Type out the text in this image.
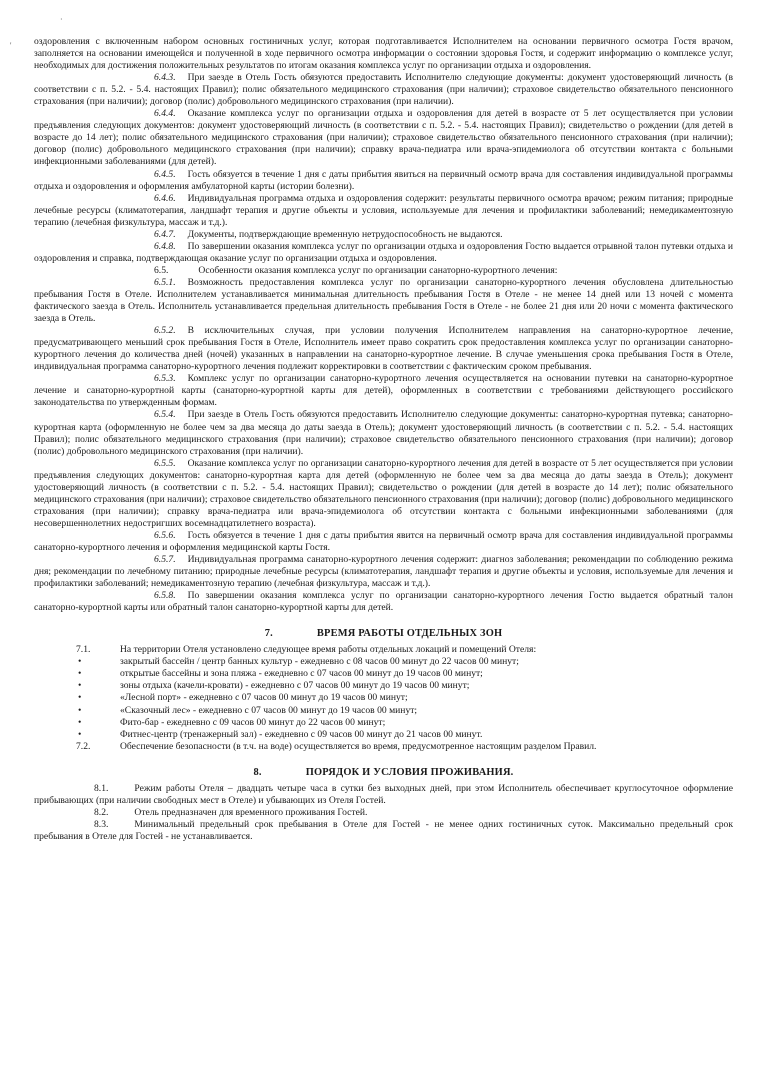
'
·

оздоровления с включенным набором основных гостиничных услуг, которая подготавливается Исполнителем на основании первичного осмотра Гостя врачом, заполняется на основании имеющейся и полученной в ходе первичного осмотра информации о состоянии здоровья Гостя, и содержит информацию о комплексе услуг, необходимых для достижения положительных результатов по итогам оказания комплекса услуг по организации отдыха и оздоровления.

6.4.3. При заезде в Отель Гость обязуются предоставить Исполнителю следующие документы: документ удостоверяющий личность (в соответствии с п. 5.2. - 5.4. настоящих Правил); полис обязательного медицинского страхования (при наличии); страховое свидетельство обязательного пенсионного страхования (при наличии); договор (полис) добровольного медицинского страхования (при наличии).

6.4.4. Оказание комплекса услуг по организации отдыха и оздоровления для детей в возрасте от 5 лет осуществляется при условии предъявления следующих документов: документ удостоверяющий личность (в соответствии с п. 5.2. - 5.4. настоящих Правил); свидетельство о рождении (для детей в возрасте до 14 лет); полис обязательного медицинского страхования (при наличии); страховое свидетельство обязательного пенсионного страхования (при наличии); договор (полис) добровольного медицинского страхования (при наличии); справку врача-педиатра или врача-эпидемиолога об отсутствии контакта с больными инфекционными заболеваниями (для детей).

6.4.5. Гость обязуется в течение 1 дня с даты прибытия явиться на первичный осмотр врача для составления индивидуальной программы отдыха и оздоровления и оформления амбулаторной карты (истории болезни).

6.4.6. Индивидуальная программа отдыха и оздоровления содержит: результаты первичного осмотра врачом; режим питания; природные лечебные ресурсы (климатотерапия, ландшафт терапия и другие объекты и условия, используемые для лечения и профилактики заболеваний; немедикаментозную терапию (лечебная физкультура, массаж и т.д.).

6.4.7. Документы, подтверждающие временную нетрудоспособность не выдаются.

6.4.8. По завершении оказания комплекса услуг по организации отдыха и оздоровления Гостю выдается отрывной талон путевки отдыха и оздоровления и справка, подтверждающая оказание услуг по организации отдыха и оздоровления.

6.5.	Особенности оказания комплекса услуг по организации санаторно-курортного лечения:

6.5.1. Возможность предоставления комплекса услуг по организации санаторно-курортного лечения обусловлена длительностью пребывания Гостя в Отеле. Исполнителем устанавливается минимальная длительность пребывания Гостя в Отеле - не менее 14 дней или 13 ночей с момента фактического заезда в Отель. Исполнитель устанавливается предельная длительность пребывания Гостя в Отеле - не более 21 дня или 20 ночи с момента фактического заезда в Отель.

6.5.2. В исключительных случая, при условии получения Исполнителем направления на санаторно-курортное лечение, предусматривающего меньший срок пребывания Гостя в Отеле, Исполнитель имеет право сократить срок предоставления комплекса услуг по организации санаторно-курортного лечения до количества дней (ночей) указанных в направлении на санаторно-курортное лечение. В случае уменьшения срока пребывания Гостя в Отеле, индивидуальная программа санаторно-курортного лечения подлежит корректировки в соответствии с фактическим сроком пребывания.

6.5.3. Комплекс услуг по организации санаторно-курортного лечения осуществляется на основании путевки на санаторно-курортное лечение и санаторно-курортной карты (санаторно-курортной карты для детей), оформленных в соответствии с требованиями действующего российского законодательства по утвержденным формам.

6.5.4. При заезде в Отель Гость обязуются предоставить Исполнителю следующие документы: санаторно-курортная путевка; санаторно-курортная карта (оформленную не более чем за два месяца до даты заезда в Отель); документ удостоверяющий личность (в соответствии с п. 5.2. - 5.4. настоящих Правил); полис обязательного медицинского страхования (при наличии); страховое свидетельство обязательного пенсионного страхования (при наличии); договор (полис) добровольного медицинского страхования (при наличии).

6.5.5. Оказание комплекса услуг по организации санаторно-курортного лечения для детей в возрасте от 5 лет осуществляется при условии предъявления следующих документов: санаторно-курортная карта для детей (оформленную не более чем за два месяца до даты заезда в Отель); документ удостоверяющий личность (в соответствии с п. 5.2. - 5.4. настоящих Правил); свидетельство о рождении (для детей в возрасте до 14 лет); полис обязательного медицинского страхования (при наличии); страховое свидетельство обязательного пенсионного страхования (при наличии); договор (полис) добровольного медицинского страхования (при наличии); справку врача-педиатра или врача-эпидемиолога об отсутствии контакта с больными инфекционными заболеваниями (для несовершеннолетних недостригших восемнадцатилетнего возраста).

6.5.6. Гость обязуется в течение 1 дня с даты прибытия явится на первичный осмотр врача для составления индивидуальной программы санаторно-курортного лечения и оформления медицинской карты Гостя.

6.5.7. Индивидуальная программа санаторно-курортного лечения содержит: диагноз заболевания; рекомендации по соблюдению режима дня; рекомендации по лечебному питанию; природные лечебные ресурсы (климатотерапия, ландшафт терапия и другие объекты и условия, используемые для лечения и профилактики заболеваний; немедикаментозную терапию (лечебная физкультура, массаж и т.д.).

6.5.8. По завершении оказания комплекса услуг по организации санаторно-курортного лечения Гостю выдается обратный талон санаторно-курортной карты или обратный талон санаторно-курортной карты для детей.

7.	ВРЕМЯ РАБОТЫ ОТДЕЛЬНЫХ ЗОН
7.1.	На территории Отеля установлено следующее время работы отдельных локаций и помещений Отеля:
•	закрытый бассейн / центр банных культур - ежедневно с 08 часов 00 минут до 22 часов 00 минут;
•	открытые бассейны и зона пляжа - ежедневно с 07 часов 00 минут до 19 часов 00 минут;
•	зоны отдыха (качели-кровати) - ежедневно с 07 часов 00 минут до 19 часов 00 минут;
•	«Лесной порт» - ежедневно с 07 часов 00 минут до 19 часов 00 минут;
•	«Сказочный лес» - ежедневно с 07 часов 00 минут до 19 часов 00 минут;
•	Фито-бар - ежедневно с 09 часов 00 минут до 22 часов 00 минут;
•	Фитнес-центр (тренажерный зал) - ежедневно с 09 часов 00 минут до 21 часов 00 минут.
7.2.	Обеспечение безопасности (в т.ч. на воде) осуществляется во время, предусмотренное настоящим разделом Правил.
8.	ПОРЯДОК И УСЛОВИЯ ПРОЖИВАНИЯ.

8.1.	Режим работы Отеля – двадцать четыре часа в сутки без выходных дней, при этом Исполнитель обеспечивает круглосуточное оформление прибывающих (при наличии свободных мест в Отеле) и убывающих из Отеля Гостей.

8.2.	Отель предназначен для временного проживания Гостей.

8.3.	Минимальный предельный срок пребывания в Отеле для Гостей - не менее одних гостиничных суток. Максимально предельный срок пребывания в Отеле для Гостей - не устанавливается.
